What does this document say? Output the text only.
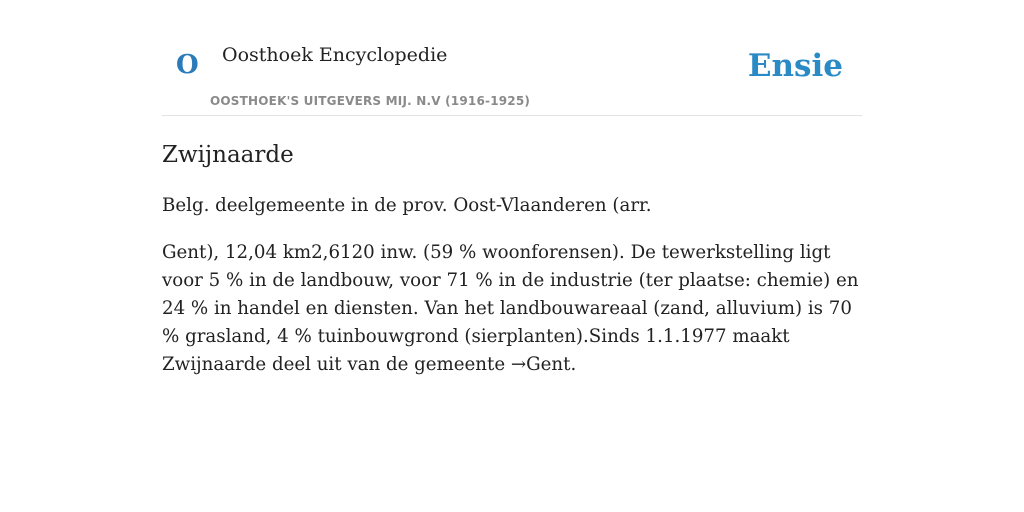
O Oosthoek Encyclopedie
OOSTHOEK'S UITGEVERS MIJ. N.V (1916-1925)
Ensie
Zwijnaarde

Belg. deelgemeente in de prov. Oost-Vlaanderen (arr.

Gent), 12,04 km2,6120 inw. (59 % woonforensen). De tewerkstelling ligt voor 5 % in de landbouw, voor 71 % in de industrie (ter plaatse: chemie) en 24 % in handel en diensten. Van het landbouwareaal (zand, alluvium) is 70 % grasland, 4 % tuinbouwgrond (sierplanten).Sinds 1.1.1977 maakt Zwijnaarde deel uit van de gemeente →Gent.
